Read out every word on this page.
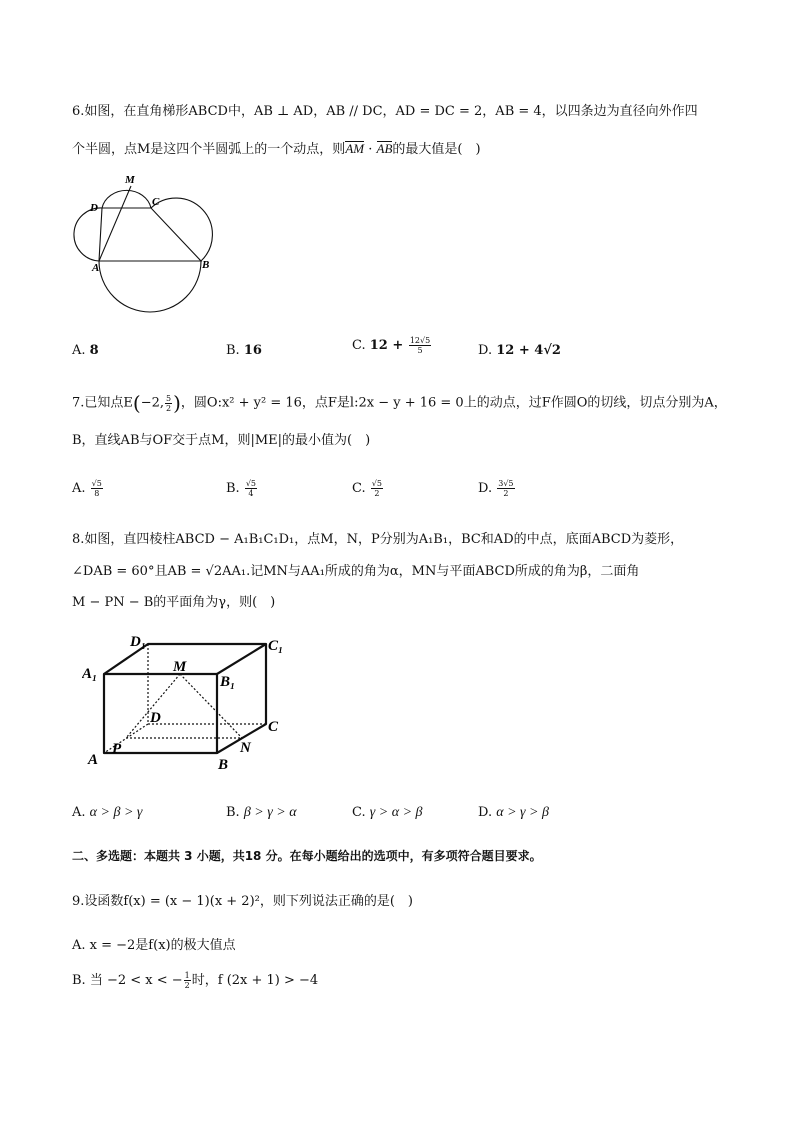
6.如图，在直角梯形ABCD中，AB ⊥ AD，AB // DC，AD = DC = 2，AB = 4，以四条边为直径向外作四
个半圆，点M是这四个半圆弧上的一个动点，则AM · AB的最大值是(　)
M
D	C
A	B
A. 8	B. 16	C. $12 + \frac{12√5}{5}$	D. 12 + 4√2
7.已知点E(−2, $\frac{5}{2}$ )，圆O:x² + y² = 16，点F是l:2x − y + 16 = 0上的动点，过F作圆O的切线，切点分别为A，
B，直线AB与OF交于点M，则|ME|的最小值为(　)
A. $\frac{√5}{8}$	B. $\frac{√5}{4}$	C. $\frac{√5}{2}$	D. $\frac{3√5}{2}$
8.如图，直四棱柱ABCD − A₁B₁C₁D₁，点M，N，P分别为A₁B₁，BC和AD的中点，底面ABCD为菱形，
∠DAB = 60°且AB = √2AA₁.记MN与AA₁所成的角为α，MN与平面ABCD所成的角为β，二面角
M − PN − B的平面角为γ，则(　)
D₁	C₁
A₁	M
B₁
D
C
P
A
N
B
A. α > β > γ	B. β > γ > α	C. γ > α > β	D. α > γ > β
二、多选题：本题共 3 小题，共18 分。在每小题给出的选项中，有多项符合题目要求。
9.设函数f(x) = (x − 1)(x + 2)²，则下列说法正确的是(　)
A. x = −2是f(x)的极大值点
B. 当 −2 < x < − $\frac{1}{2}$ 时，f (2x + 1) > −4
